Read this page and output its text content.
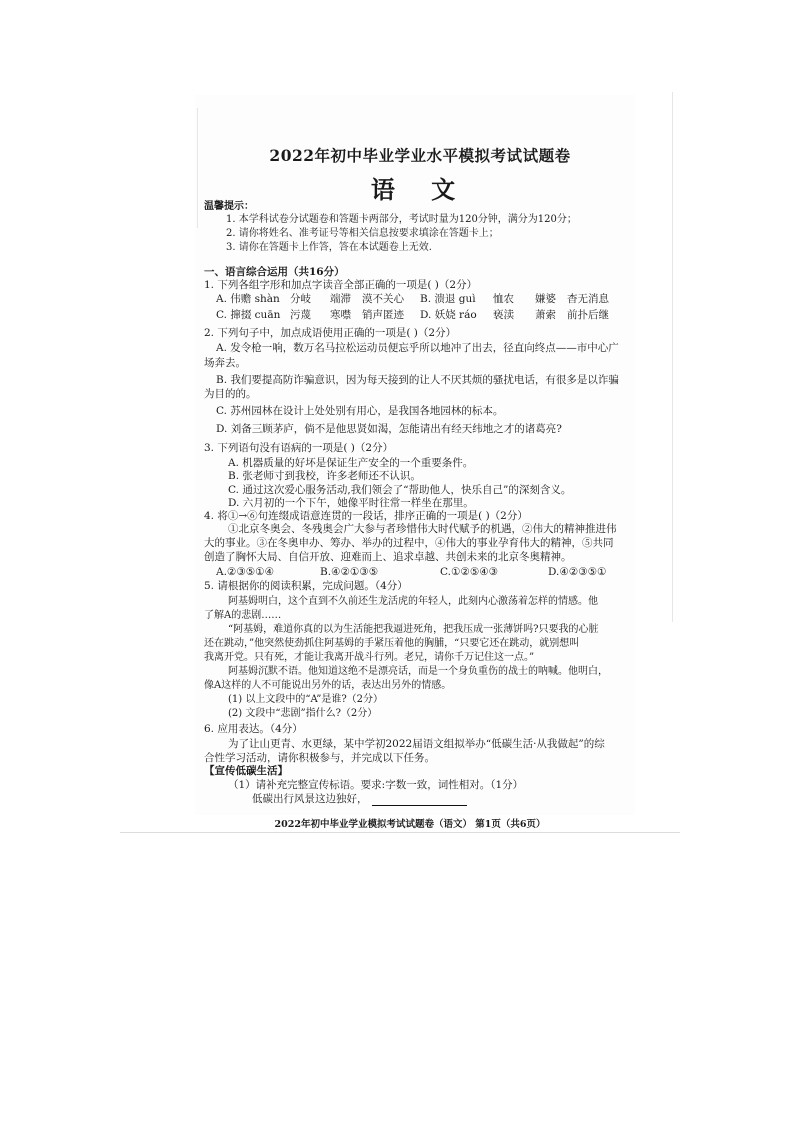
2022年初中毕业学业水平模拟考试试题卷
语 文
温馨提示：
1. 本学科试卷分试题卷和答题卡两部分，考试时量为120分钟，满分为120分；
2. 请你将姓名、准考证号等相关信息按要求填涂在答题卡上；
3. 请你在答题卡上作答，答在本试题卷上无效.
一、语言综合运用（共16分）
1. 下列各组字形和加点字读音全部正确的一项是( )（2分）
A. 伟赡 shàn 分岐 端滞 漠不关心 B. 溃退 guì 恤农 嫌婆 杳无消息
C. 撺掇 cuān 污蔑 寒噤 销声匿迹 D. 妖娆 ráo 亵渎 萧索 前扑后继
2. 下列句子中，加点成语使用正确的一项是( )（2分）
A. 发令枪一响，数万名马拉松运动员便忘乎所以地冲了出去，径直向终点——市中心广
场奔去。
B. 我们要提高防诈骗意识，因为每天接到的让人不厌其烦的骚扰电话，有很多是以诈骗
为目的的。
C. 苏州园林在设计上处处别有用心，是我国各地园林的标本。
D. 刘备三顾茅庐，倘不是他思贤如渴，怎能请出有经天纬地之才的诸葛亮?
3. 下列语句没有语病的一项是( )（2分）
A. 机器质量的好坏是保证生产安全的一个重要条件。
B. 张老师寸到我校，许多老师还不认识。
C. 通过这次爱心服务活动,我们领会了“帮助他人，快乐自己”的深刻含义。
D. 六月初的一个下午，她像平时往常一样坐在那里。
4. 将①→⑥句连缀成语意连贯的一段话，排序正确的一项是( )（2分）
①北京冬奥会、冬残奥会广大参与者珍惜伟大时代赋予的机遇，②伟大的精神推进伟
大的事业。③在冬奥申办、筹办、举办的过程中，④伟大的事业孕育伟大的精神，⑤共同
创造了胸怀大局、自信开放、迎难而上、追求卓越、共创未来的北京冬奥精神。
A.②③⑤①④	B.④②①③⑤	C.①②⑤④③	D.④②③⑤①
5. 请根据你的阅读积累，完成问题。（4分）
阿基姆明白，这个直到不久前还生龙活虎的年轻人，此刻内心激荡着怎样的情感。他
了解A的悲剧……
“阿基姆，难道你真的以为生活能把我逼进死角，把我压成一张薄饼吗?只要我的心脏
还在跳动，”他突然使劲抓住阿基姆的手紧压着他的胸脯，“只要它还在跳动，就别想叫
我离开党。只有死，才能让我离开战斗行列。老兄，请你千万记住这一点。”
阿基姆沉默不语。他知道这绝不是漂亮话，而是一个身负重伤的战士的呐喊。他明白，
像A这样的人不可能说出另外的话，表达出另外的情感。
(1) 以上文段中的“A”是谁?（2分）
(2) 文段中“悲剧”指什么?（2分）
6. 应用表达。（4分）
为了让山更青、水更绿，某中学初2022届语文组拟举办“低碳生活·从我做起”的综
合性学习活动，请你积极参与，并完成以下任务。
【宣传低碳生活】
（1）请补充完整宣传标语。要求:字数一致，词性相对。（1分）
低碳出行风景这边独好，
2022年初中毕业学业模拟考试试题卷（语文） 第1页（共6页）
